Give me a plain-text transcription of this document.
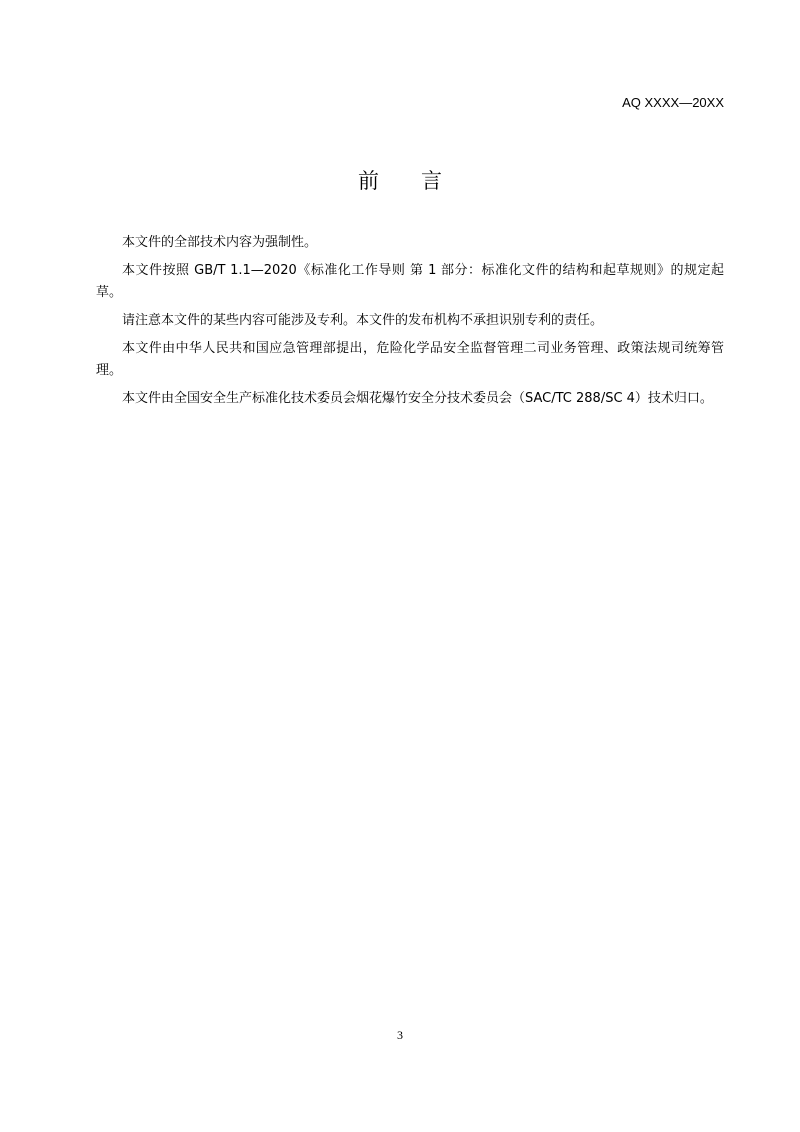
AQ XXXX—20XX
前言

本文件的全部技术内容为强制性。

本文件按照 GB/T 1.1—2020《标准化工作导则 第 1 部分：标准化文件的结构和起草规则》的规定起草。

请注意本文件的某些内容可能涉及专利。本文件的发布机构不承担识别专利的责任。

本文件由中华人民共和国应急管理部提出，危险化学品安全监督管理二司业务管理、政策法规司统筹管理。

本文件由全国安全生产标准化技术委员会烟花爆竹安全分技术委员会（SAC/TC 288/SC 4）技术归口。

3
